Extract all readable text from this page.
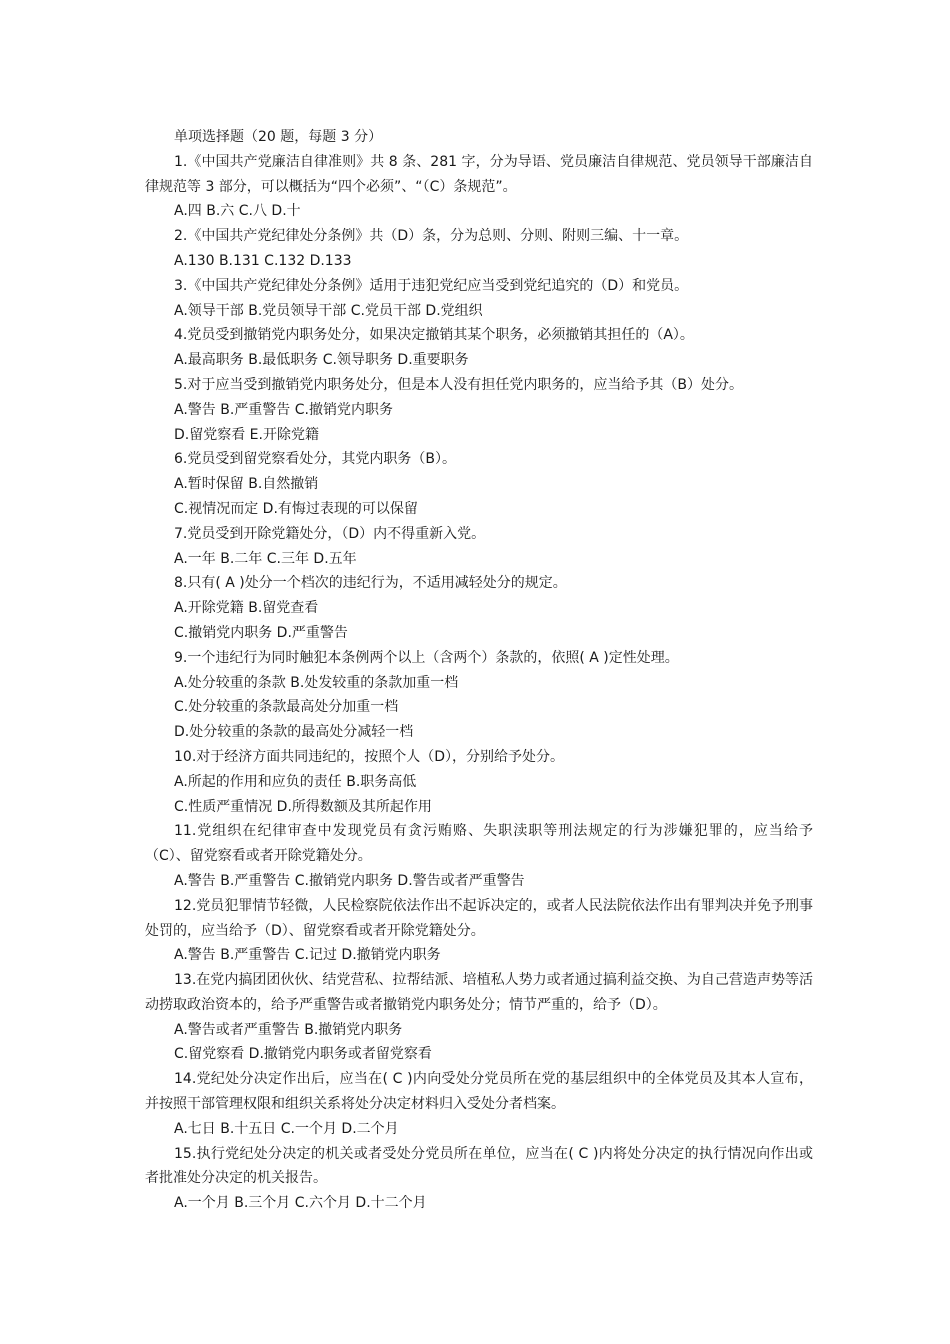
单项选择题（20 题，每题 3 分）

1.《中国共产党廉洁自律准则》共 8 条、281 字，分为导语、党员廉洁自律规范、党员领导干部廉洁自律规范等 3 部分，可以概括为“四个必须”、“（C）条规范”。

A.四 B.六 C.八 D.十

2.《中国共产党纪律处分条例》共（D）条，分为总则、分则、附则三编、十一章。

A.130 B.131 C.132 D.133

3.《中国共产党纪律处分条例》适用于违犯党纪应当受到党纪追究的（D）和党员。

A.领导干部 B.党员领导干部 C.党员干部 D.党组织

4.党员受到撤销党内职务处分，如果决定撤销其某个职务，必须撤销其担任的（A）。

A.最高职务 B.最低职务 C.领导职务 D.重要职务

5.对于应当受到撤销党内职务处分，但是本人没有担任党内职务的，应当给予其（B）处分。

A.警告 B.严重警告 C.撤销党内职务

D.留党察看 E.开除党籍

6.党员受到留党察看处分，其党内职务（B）。

A.暂时保留 B.自然撤销

C.视情况而定 D.有悔过表现的可以保留

7.党员受到开除党籍处分，（D）内不得重新入党。

A.一年 B.二年 C.三年 D.五年

8.只有( A )处分一个档次的违纪行为，不适用减轻处分的规定。

A.开除党籍 B.留党查看

C.撤销党内职务 D.严重警告

9.一个违纪行为同时触犯本条例两个以上（含两个）条款的，依照( A )定性处理。

A.处分较重的条款 B.处发较重的条款加重一档

C.处分较重的条款最高处分加重一档

D.处分较重的条款的最高处分减轻一档

10.对于经济方面共同违纪的，按照个人（D），分别给予处分。

A.所起的作用和应负的责任 B.职务高低

C.性质严重情况 D.所得数额及其所起作用

11.党组织在纪律审查中发现党员有贪污贿赂、失职渎职等刑法规定的行为涉嫌犯罪的，应当给予（C）、留党察看或者开除党籍处分。

A.警告 B.严重警告 C.撤销党内职务 D.警告或者严重警告

12.党员犯罪情节轻微，人民检察院依法作出不起诉决定的，或者人民法院依法作出有罪判决并免予刑事处罚的，应当给予（D）、留党察看或者开除党籍处分。

A.警告 B.严重警告 C.记过 D.撤销党内职务

13.在党内搞团团伙伙、结党营私、拉帮结派、培植私人势力或者通过搞利益交换、为自己营造声势等活动捞取政治资本的，给予严重警告或者撤销党内职务处分；情节严重的，给予（D）。

A.警告或者严重警告 B.撤销党内职务

C.留党察看 D.撤销党内职务或者留党察看

14.党纪处分决定作出后，应当在( C )内向受处分党员所在党的基层组织中的全体党员及其本人宣布，并按照干部管理权限和组织关系将处分决定材料归入受处分者档案。

A.七日 B.十五日 C.一个月 D.二个月

15.执行党纪处分决定的机关或者受处分党员所在单位，应当在( C )内将处分决定的执行情况向作出或者批准处分决定的机关报告。

A.一个月 B.三个月 C.六个月 D.十二个月
